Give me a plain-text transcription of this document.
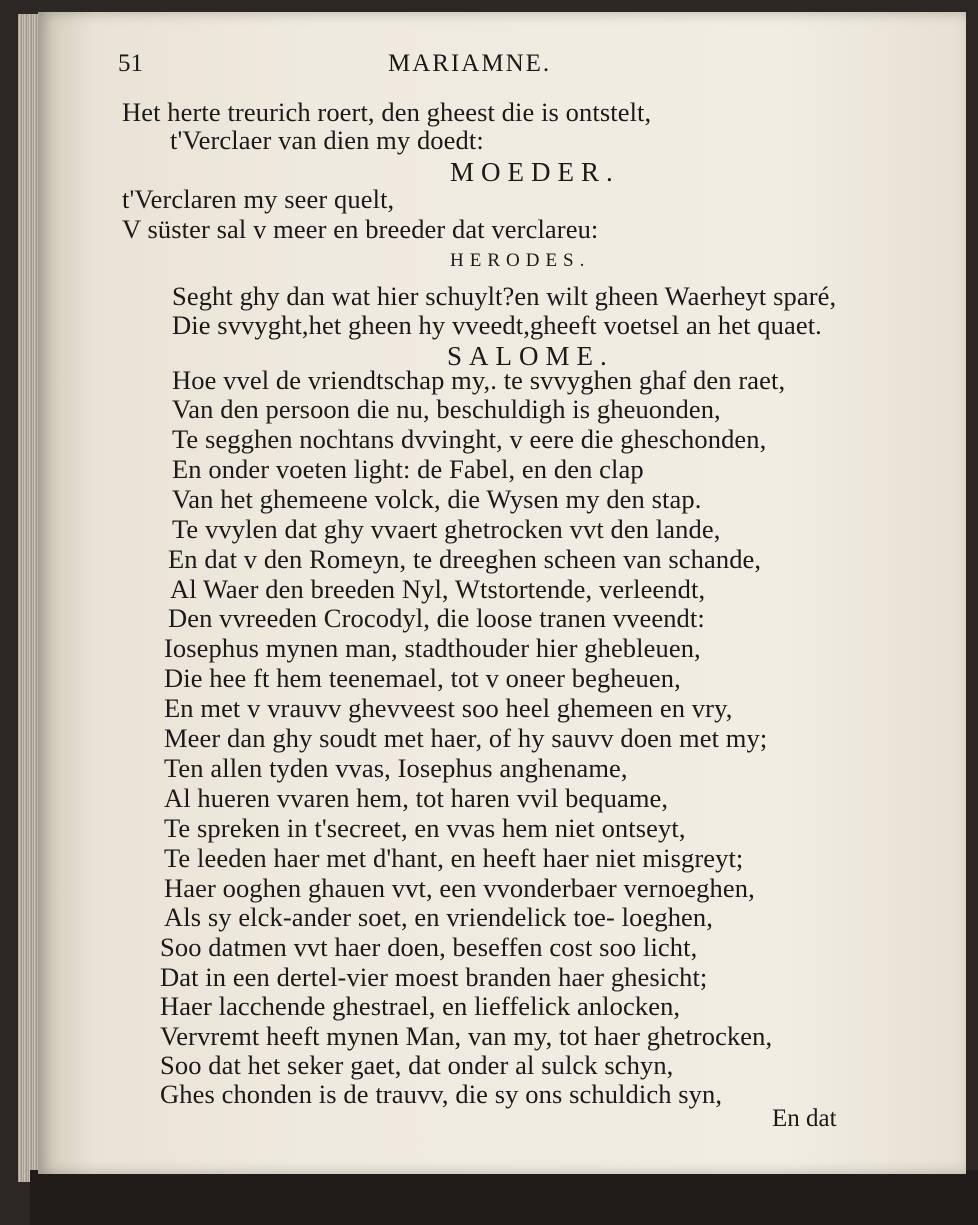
51	MARIAMNE.
Het herte treurich roert, den gheest die is ontstelt,
t'Verclaer van dien my doedt:
MOEDER.
t'Verclaren my seer quelt,
V süster sal v meer en breeder dat verclareu:
HERODES.
Seght ghy dan wat hier schuylt?en wilt gheen Waerheyt sparé,
Die svvyght,het gheen hy vveedt,gheeft voetsel an het quaet.
SALOME.
Hoe vvel de vriendtschap my,. te svvyghen ghaf den raet,
Van den persoon die nu, beschuldigh is gheuonden,
Te segghen nochtans dvvinght, v eere die gheschonden,
En onder voeten light: de Fabel, en den clap
Van het ghemeene volck, die Wysen my den stap.
Te vvylen dat ghy vvaert ghetrocken vvt den lande,
En dat v den Romeyn, te dreeghen scheen van schande,
Al Waer den breeden Nyl, Wtstortende, verleendt,
Den vvreeden Crocodyl, die loose tranen vveendt:
Iosephus mynen man, stadthouder hier ghebleuen,
Die hee ft hem teenemael, tot v oneer begheuen,
En met v vrauvv ghevveest soo heel ghemeen en vry,
Meer dan ghy soudt met haer, of hy sauvv doen met my;
Ten allen tyden vvas, Iosephus anghename,
Al hueren vvaren hem, tot haren vvil bequame,
Te spreken in t'secreet, en vvas hem niet ontseyt,
Te leeden haer met d'hant, en heeft haer niet misgreyt;
Haer ooghen ghauen vvt, een vvonderbaer vernoeghen,
Als sy elck-ander soet, en vriendelick toe- loeghen,
Soo datmen vvt haer doen, beseffen cost soo licht,
Dat in een dertel-vier moest branden haer ghesicht;
Haer lacchende ghestrael, en lieffelick anlocken,
Vervremt heeft mynen Man, van my, tot haer ghetrocken,
Soo dat het seker gaet, dat onder al sulck schyn,
Ghes chonden is de trauvv, die sy ons schuldich syn,
En dat
